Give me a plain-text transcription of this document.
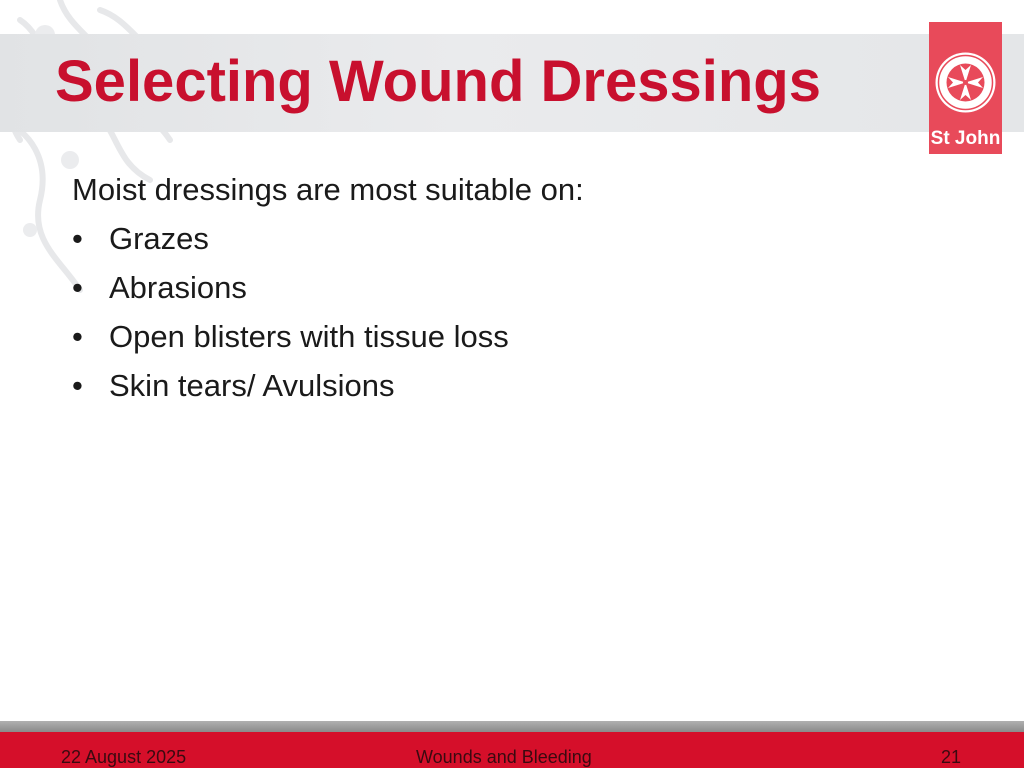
Selecting Wound Dressings
St John

Moist dressings are most suitable on:

• Grazes
• Abrasions
• Open blisters with tissue loss
• Skin tears/ Avulsions
22 August 2025	Wounds and Bleeding	21
